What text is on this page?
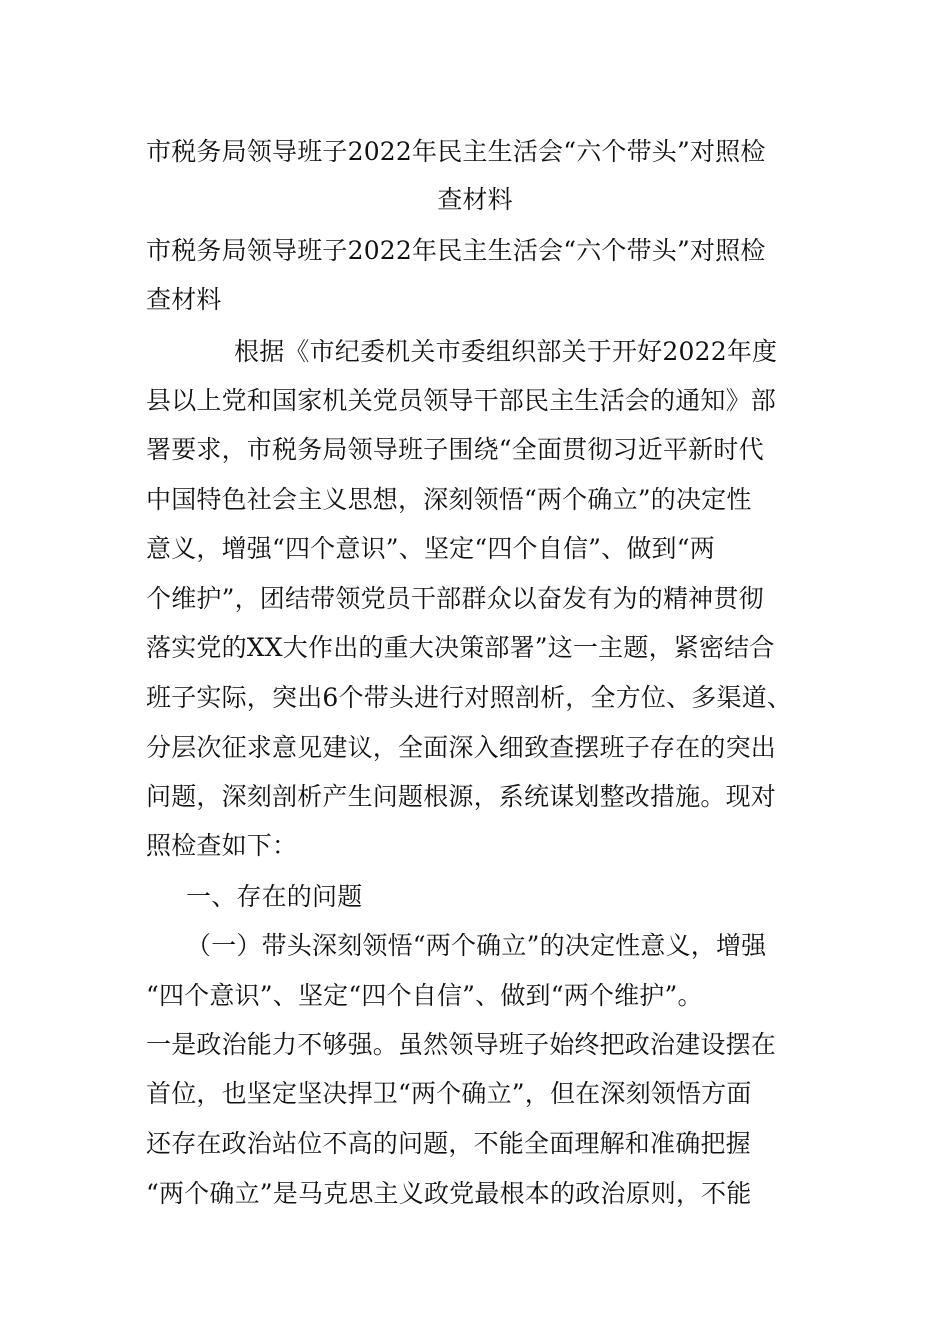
市税务局领导班子2022年民主生活会“六个带头”对照检
查材料
市税务局领导班子2022年民主生活会“六个带头”对照检
查材料
根据《市纪委机关市委组织部关于开好2022年度
县以上党和国家机关党员领导干部民主生活会的通知》部
署要求，市税务局领导班子围绕“全面贯彻习近平新时代
中国特色社会主义思想，深刻领悟“两个确立”的决定性
意义，增强“四个意识”、坚定“四个自信”、做到“两
个维护”，团结带领党员干部群众以奋发有为的精神贯彻
落实党的XX大作出的重大决策部署”这一主题，紧密结合
班子实际，突出6个带头进行对照剖析，全方位、多渠道、
分层次征求意见建议，全面深入细致查摆班子存在的突出
问题，深刻剖析产生问题根源，系统谋划整改措施。现对
照检查如下：
一、存在的问题
（一）带头深刻领悟“两个确立”的决定性意义，增强
“四个意识”、坚定“四个自信”、做到“两个维护”。
一是政治能力不够强。虽然领导班子始终把政治建设摆在
首位，也坚定坚决捍卫“两个确立”，但在深刻领悟方面
还存在政治站位不高的问题，不能全面理解和准确把握
“两个确立”是马克思主义政党最根本的政治原则，不能
